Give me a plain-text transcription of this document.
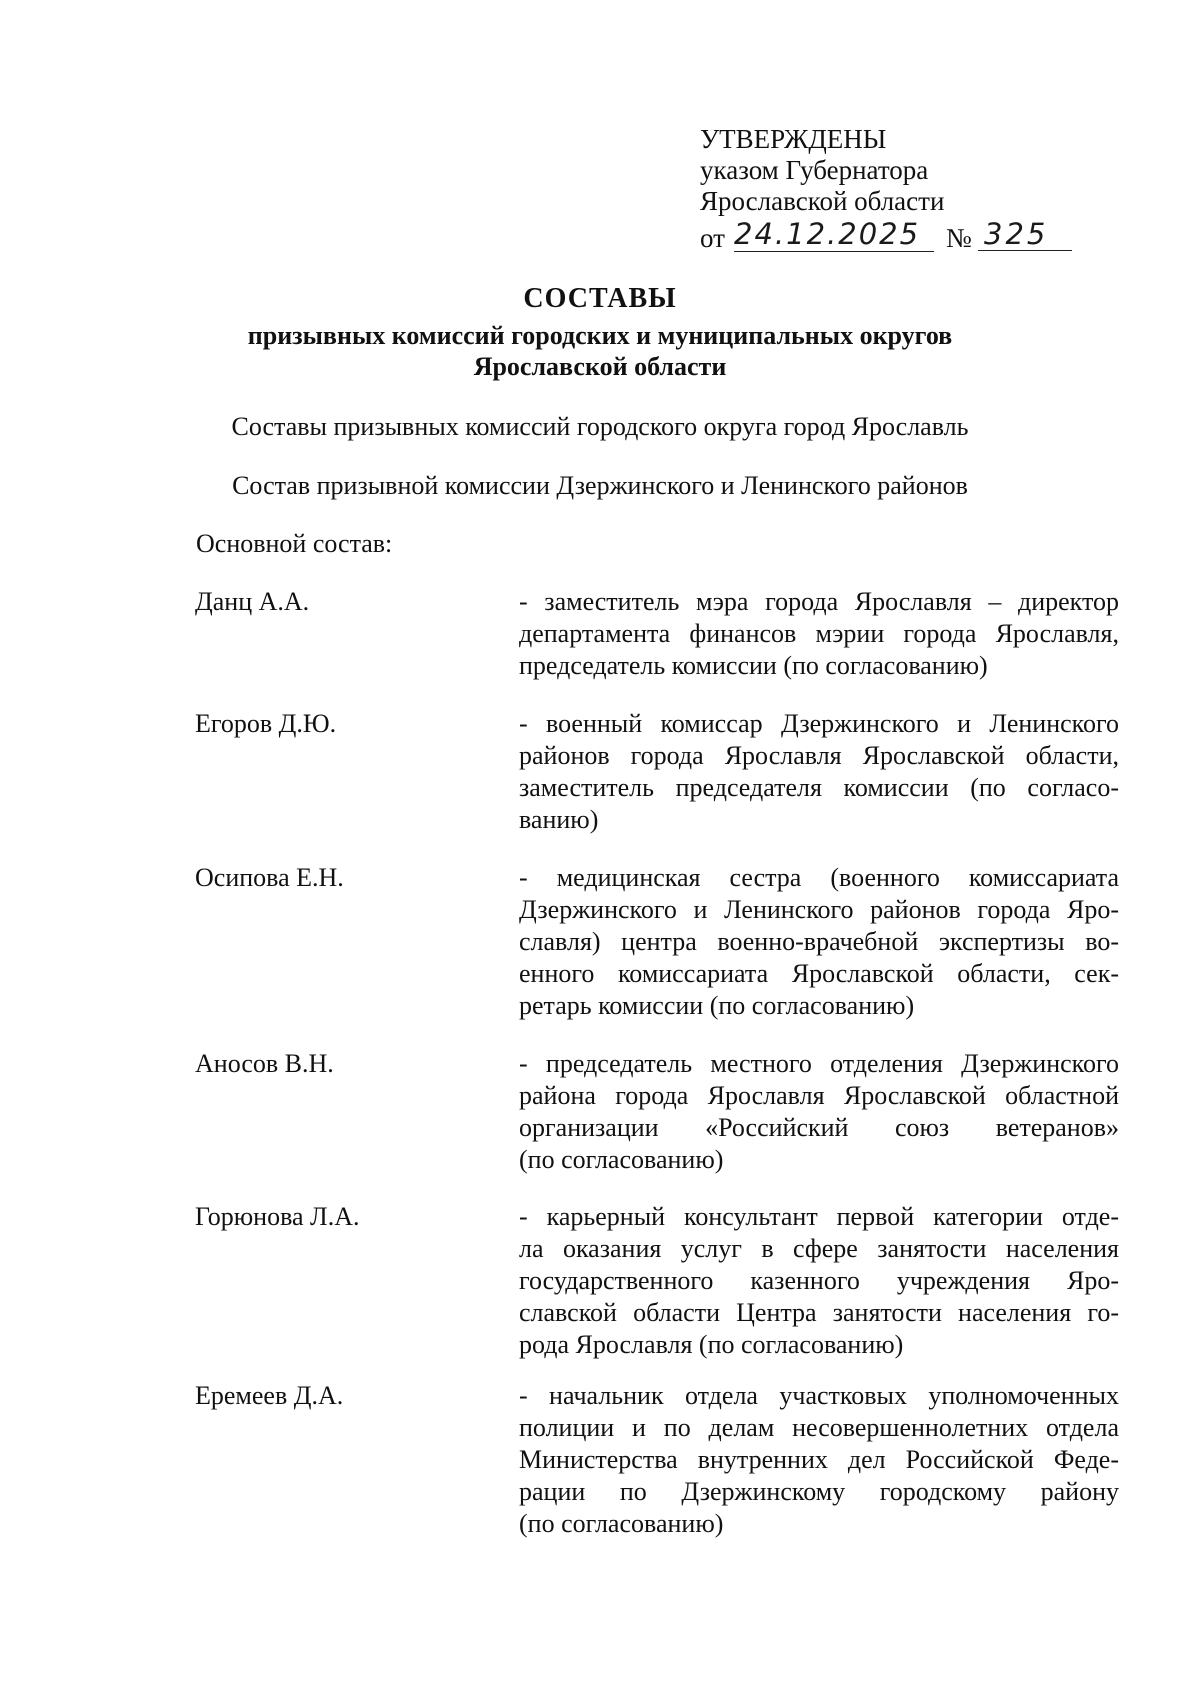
УТВЕРЖДЕНЫ
указом Губернатора
Ярославской области
от 24.12.2025 № 325
СОСТАВЫ
призывных комиссий городских и муниципальных округов
Ярославской области
Составы призывных комиссий городского округа город Ярославль
Состав призывной комиссии Дзержинского и Ленинского районов
Основной состав:
Данц А.А.	- заместитель мэра города Ярославля – директор
департамента финансов мэрии города Ярославля,
председатель комиссии (по согласованию)
Егоров Д.Ю.	- военный комиссар Дзержинского и Ленинского
районов города Ярославля Ярославской области,
заместитель председателя комиссии (по согласо-
ванию)
Осипова Е.Н.	- медицинская сестра (военного комиссариата
Дзержинского и Ленинского районов города Яро-
славля) центра военно-врачебной экспертизы во-
енного комиссариата Ярославской области, сек-
ретарь комиссии (по согласованию)
Аносов В.Н.	- председатель местного отделения Дзержинского
района города Ярославля Ярославской областной
организации «Российский союз ветеранов»
(по согласованию)
Горюнова Л.А.	- карьерный консультант первой категории отде-
ла оказания услуг в сфере занятости населения
государственного казенного учреждения Яро-
славской области Центра занятости населения го-
рода Ярославля (по согласованию)
Еремеев Д.А.	- начальник отдела участковых уполномоченных
полиции и по делам несовершеннолетних отдела
Министерства внутренних дел Российской Феде-
рации по Дзержинскому городскому району
(по согласованию)
